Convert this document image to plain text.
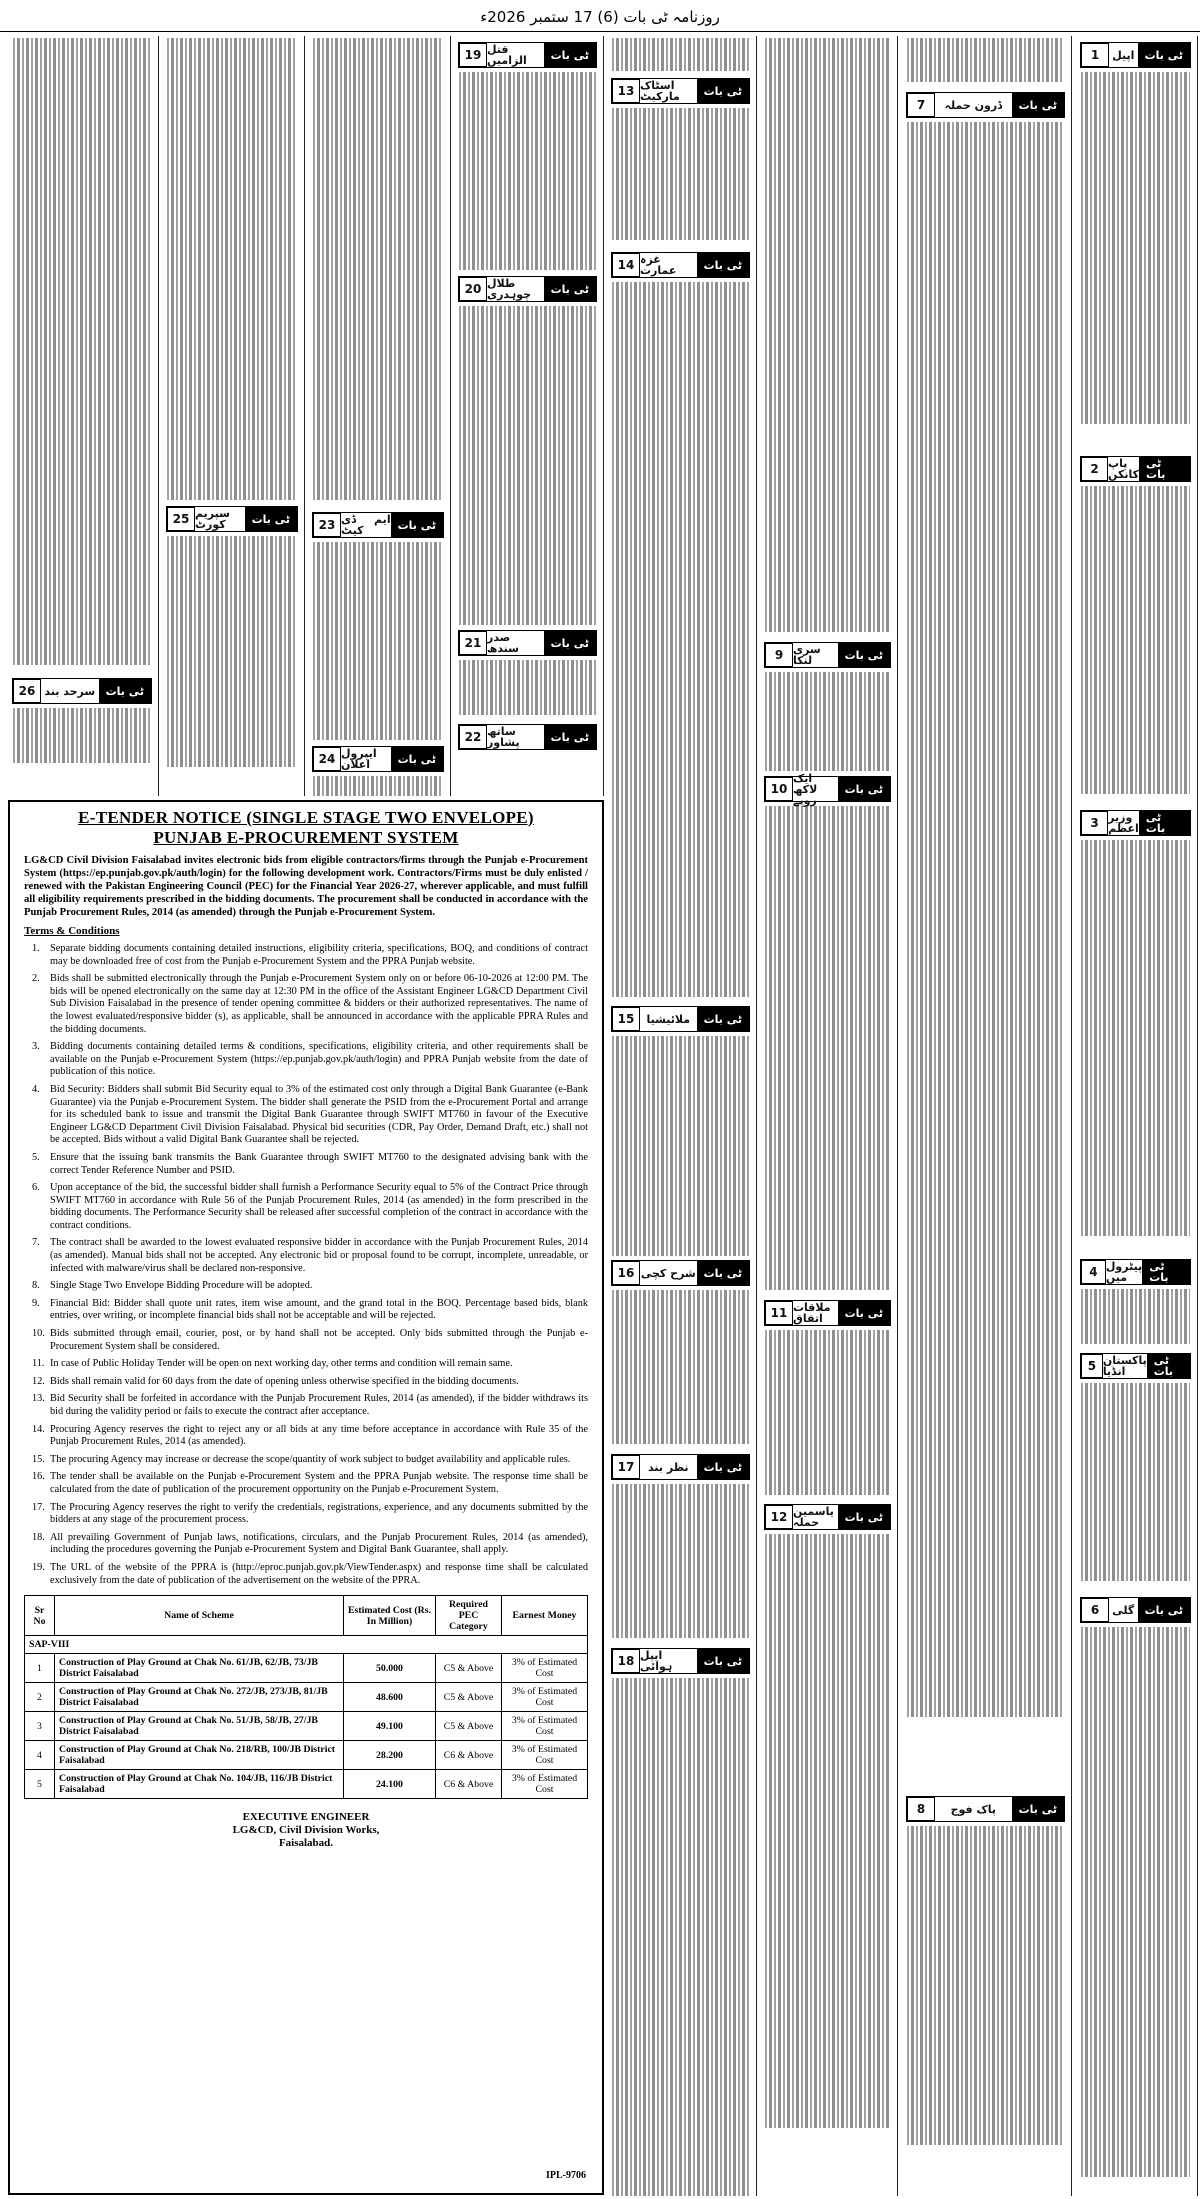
روزنامہ ٹی بات (6) 17 ستمبر 2026ء
ٹی بات
اپیل
1
ٹی بات
پاپ کانکن
2
ٹی بات
وزیر اعظم
3
ٹی بات
پیٹرول میں
4
ٹی بات
پاکستان انڈیا
5
ٹی بات
گلی
6
ٹی بات
ڈرون حملہ
7
ٹی بات
پاک فوج
8
ٹی بات
سری لنکا
9
ٹی بات
ایک لاکھ روپے
10
ٹی بات
ملاقات اتفاق
11
ٹی بات
یاسمین حملہ
12
ٹی بات
اسٹاک مارکیٹ
13
ٹی بات
غزہ عمارت
14
ٹی بات
ملائیشیا
15
ٹی بات
شرح کچی
16
ٹی بات
نظر بند
17
ٹی بات
ایپل ہوائی
18
ٹی بات
قتل الزامیں
19
ٹی بات
طلال چوہدری
20
ٹی بات
صدر سندھ
21
ٹی بات
ساتھ پشاور
22
ٹی بات
ایم ڈی کیٹ
23
ٹی بات
ایپرول اعلان
24
ٹی بات
سپریم کورٹ
25
ٹی بات
سرحد بند
26
E-TENDER NOTICE (SINGLE STAGE TWO ENVELOPE)
PUNJAB E-PROCUREMENT SYSTEM

LG&CD Civil Division Faisalabad invites electronic bids from eligible contractors/firms through the Punjab e-Procurement System (https://ep.punjab.gov.pk/auth/login) for the following development work. Contractors/Firms must be duly enlisted / renewed with the Pakistan Engineering Council (PEC) for the Financial Year 2026-27, wherever applicable, and must fulfill all eligibility requirements prescribed in the bidding documents. The procurement shall be conducted in accordance with the Punjab Procurement Rules, 2014 (as amended) through the Punjab e-Procurement System.

Terms & Conditions
1. Separate bidding documents containing detailed instructions, eligibility criteria, specifications, BOQ, and conditions of contract may be downloaded free of cost from the Punjab e-Procurement System and the PPRA Punjab website.
2. Bids shall be submitted electronically through the Punjab e-Procurement System only on or before 06-10-2026 at 12:00 PM. The bids will be opened electronically on the same day at 12:30 PM in the office of the Assistant Engineer LG&CD Department Civil Sub Division Faisalabad in the presence of tender opening committee & bidders or their authorized representatives. The name of the lowest evaluated/responsive bidder (s), as applicable, shall be announced in accordance with the applicable PPRA Rules and the bidding documents.
3. Bidding documents containing detailed terms & conditions, specifications, eligibility criteria, and other requirements shall be available on the Punjab e-Procurement System (https://ep.punjab.gov.pk/auth/login) and PPRA Punjab website from the date of publication of this notice.
4. Bid Security: Bidders shall submit Bid Security equal to 3% of the estimated cost only through a Digital Bank Guarantee (e-Bank Guarantee) via the Punjab e-Procurement System. The bidder shall generate the PSID from the e-Procurement Portal and arrange for its scheduled bank to issue and transmit the Digital Bank Guarantee through SWIFT MT760 in favour of the Executive Engineer LG&CD Department Civil Division Faisalabad. Physical bid securities (CDR, Pay Order, Demand Draft, etc.) shall not be accepted. Bids without a valid Digital Bank Guarantee shall be rejected.
5. Ensure that the issuing bank transmits the Bank Guarantee through SWIFT MT760 to the designated advising bank with the correct Tender Reference Number and PSID.
6. Upon acceptance of the bid, the successful bidder shall furnish a Performance Security equal to 5% of the Contract Price through SWIFT MT760 in accordance with Rule 56 of the Punjab Procurement Rules, 2014 (as amended) in the form prescribed in the bidding documents. The Performance Security shall be released after successful completion of the contract in accordance with the contract conditions.
7. The contract shall be awarded to the lowest evaluated responsive bidder in accordance with the Punjab Procurement Rules, 2014 (as amended). Manual bids shall not be accepted. Any electronic bid or proposal found to be corrupt, incomplete, unreadable, or infected with malware/virus shall be declared non-responsive.
8. Single Stage Two Envelope Bidding Procedure will be adopted.
9. Financial Bid: Bidder shall quote unit rates, item wise amount, and the grand total in the BOQ. Percentage based bids, blank entries, over writing, or incomplete financial bids shall not be acceptable and will be rejected.
10. Bids submitted through email, courier, post, or by hand shall not be accepted. Only bids submitted through the Punjab e-Procurement System shall be considered.
11. In case of Public Holiday Tender will be open on next working day, other terms and condition will remain same.
12. Bids shall remain valid for 60 days from the date of opening unless otherwise specified in the bidding documents.
13. Bid Security shall be forfeited in accordance with the Punjab Procurement Rules, 2014 (as amended), if the bidder withdraws its bid during the validity period or fails to execute the contract after acceptance.
14. Procuring Agency reserves the right to reject any or all bids at any time before acceptance in accordance with Rule 35 of the Punjab Procurement Rules, 2014 (as amended).
15. The procuring Agency may increase or decrease the scope/quantity of work subject to budget availability and applicable rules.
16. The tender shall be available on the Punjab e-Procurement System and the PPRA Punjab website. The response time shall be calculated from the date of publication of the procurement opportunity on the Punjab e-Procurement System.
17. The Procuring Agency reserves the right to verify the credentials, registrations, experience, and any documents submitted by the bidders at any stage of the procurement process.
18. All prevailing Government of Punjab laws, notifications, circulars, and the Punjab Procurement Rules, 2014 (as amended), including the procedures governing the Punjab e-Procurement System and Digital Bank Guarantee, shall apply.
19. The URL of the website of the PPRA is (http://eproc.punjab.gov.pk/ViewTender.aspx) and response time shall be calculated exclusively from the date of publication of the advertisement on the website of the PPRA.
Sr No	Name of Scheme	Estimated Cost (Rs. In Million)	Required PEC Category	Earnest Money
SAP-VIII				
1	Construction of Play Ground at Chak No. 61/JB, 62/JB, 73/JB District Faisalabad	50.000	C5 & Above	3% of Estimated Cost
2	Construction of Play Ground at Chak No. 272/JB, 273/JB, 81/JB District Faisalabad	48.600	C5 & Above	3% of Estimated Cost
3	Construction of Play Ground at Chak No. 51/JB, 58/JB, 27/JB District Faisalabad	49.100	C5 & Above	3% of Estimated Cost
4	Construction of Play Ground at Chak No. 218/RB, 100/JB District Faisalabad	28.200	C6 & Above	3% of Estimated Cost
5	Construction of Play Ground at Chak No. 104/JB, 116/JB District Faisalabad	24.100	C6 & Above	3% of Estimated Cost
EXECUTIVE ENGINEER
LG&CD, Civil Division Works,
Faisalabad.
IPL-9706
